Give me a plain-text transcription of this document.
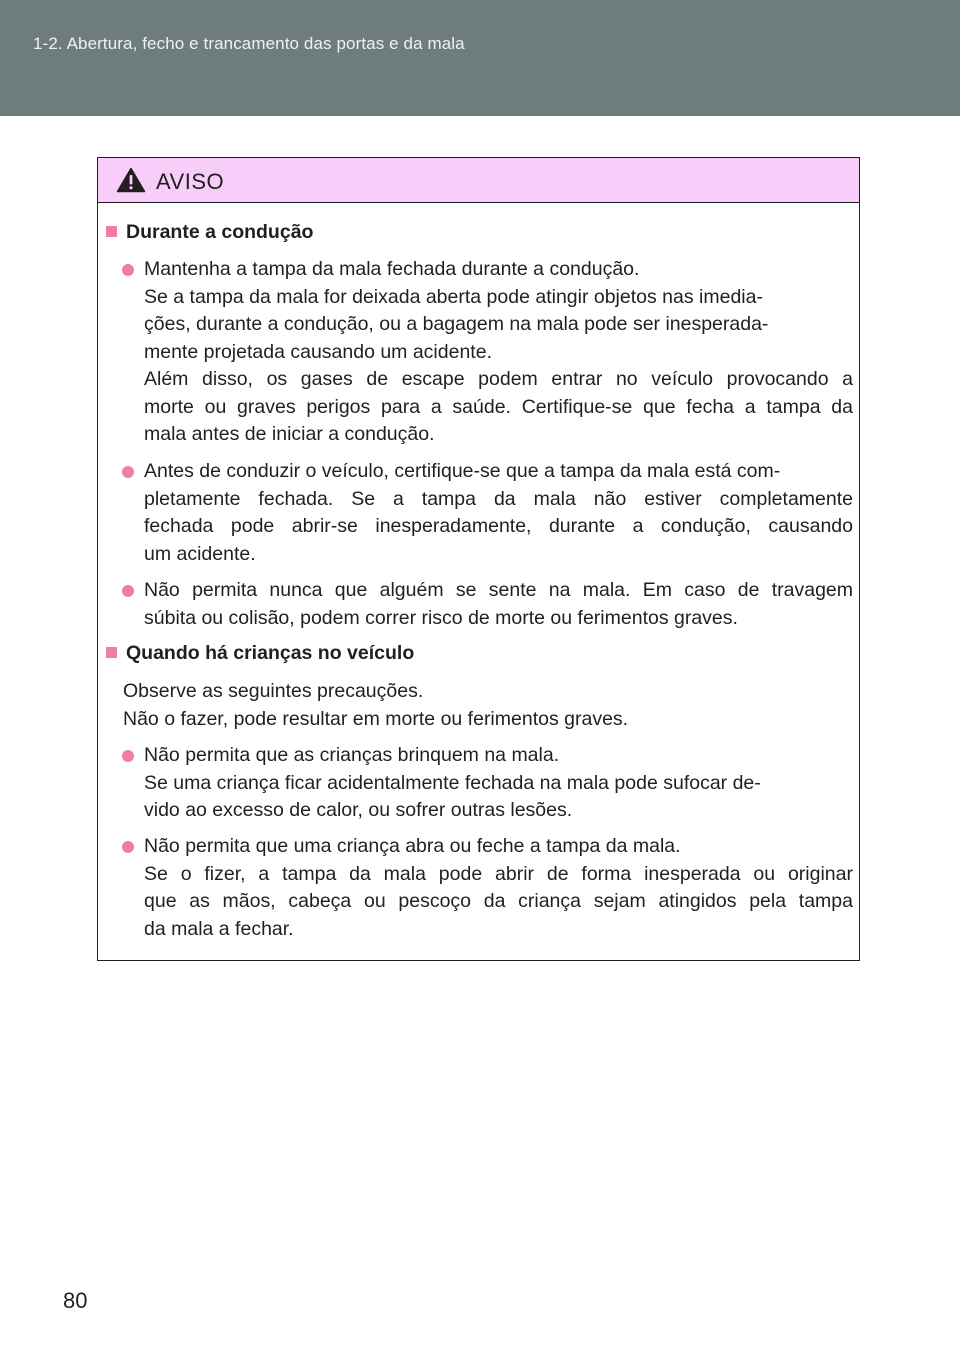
1-2. Abertura, fecho e trancamento das portas e da mala
AVISO
Durante a condução
Mantenha a tampa da mala fechada durante a condução.
Se a tampa da mala for deixada aberta pode atingir objetos nas imedia-
ções, durante a condução, ou a bagagem na mala pode ser inesperada-
mente projetada causando um acidente.
Além disso, os gases de escape podem entrar no veículo provocando a
morte ou graves perigos para a saúde. Certifique-se que fecha a tampa da
mala antes de iniciar a condução.
Antes de conduzir o veículo, certifique-se que a tampa da mala está com-
pletamente fechada. Se a tampa da mala não estiver completamente
fechada pode abrir-se inesperadamente, durante a condução, causando
um acidente.
Não permita nunca que alguém se sente na mala. Em caso de travagem
súbita ou colisão, podem correr risco de morte ou ferimentos graves.
Quando há crianças no veículo
Observe as seguintes precauções.
Não o fazer, pode resultar em morte ou ferimentos graves.
Não permita que as crianças brinquem na mala.
Se uma criança ficar acidentalmente fechada na mala pode sufocar de-
vido ao excesso de calor, ou sofrer outras lesões.
Não permita que uma criança abra ou feche a tampa da mala.
Se o fizer, a tampa da mala pode abrir de forma inesperada ou originar
que as mãos, cabeça ou pescoço da criança sejam atingidos pela tampa
da mala a fechar.
80
